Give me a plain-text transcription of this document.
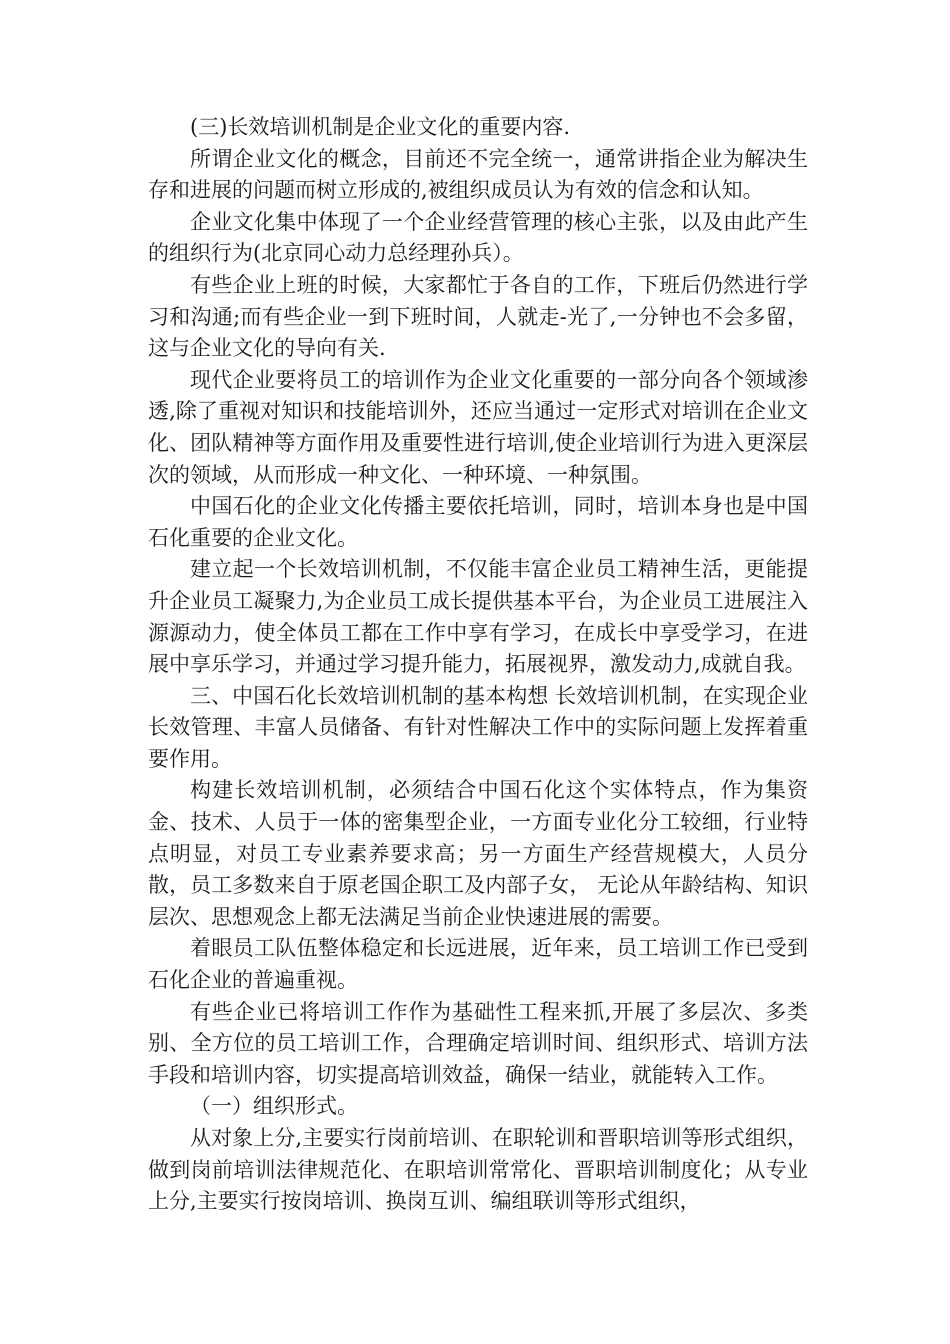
(三)长效培训机制是企业文化的重要内容.

所谓企业文化的概念，目前还不完全统一，通常讲指企业为解决生存和进展的问题而树立形成的,被组织成员认为有效的信念和认知。

企业文化集中体现了一个企业经营管理的核心主张，以及由此产生的组织行为(北京同心动力总经理孙兵）。

有些企业上班的时候，大家都忙于各自的工作，下班后仍然进行学习和沟通;而有些企业一到下班时间，人就走-光了,一分钟也不会多留，这与企业文化的导向有关.

现代企业要将员工的培训作为企业文化重要的一部分向各个领域渗透,除了重视对知识和技能培训外，还应当通过一定形式对培训在企业文化、团队精神等方面作用及重要性进行培训,使企业培训行为进入更深层次的领域，从而形成一种文化、一种环境、一种氛围。

中国石化的企业文化传播主要依托培训，同时，培训本身也是中国石化重要的企业文化。

建立起一个长效培训机制，不仅能丰富企业员工精神生活，更能提升企业员工凝聚力,为企业员工成长提供基本平台，为企业员工进展注入源源动力，使全体员工都在工作中享有学习，在成长中享受学习，在进展中享乐学习，并通过学习提升能力，拓展视界，激发动力,成就自我。

三、中国石化长效培训机制的基本构想 长效培训机制，在实现企业长效管理、丰富人员储备、有针对性解决工作中的实际问题上发挥着重要作用。

构建长效培训机制，必须结合中国石化这个实体特点，作为集资金、技术、人员于一体的密集型企业，一方面专业化分工较细，行业特点明显，对员工专业素养要求高；另一方面生产经营规模大，人员分散，员工多数来自于原老国企职工及内部子女， 无论从年龄结构、知识层次、思想观念上都无法满足当前企业快速进展的需要。

着眼员工队伍整体稳定和长远进展，近年来，员工培训工作已受到石化企业的普遍重视。

有些企业已将培训工作作为基础性工程来抓,开展了多层次、多类别、全方位的员工培训工作，合理确定培训时间、组织形式、培训方法手段和培训内容，切实提高培训效益，确保一结业，就能转入工作。

（一）组织形式。

从对象上分,主要实行岗前培训、在职轮训和晋职培训等形式组织，做到岗前培训法律规范化、在职培训常常化、晋职培训制度化；从专业上分,主要实行按岗培训、换岗互训、编组联训等形式组织，
